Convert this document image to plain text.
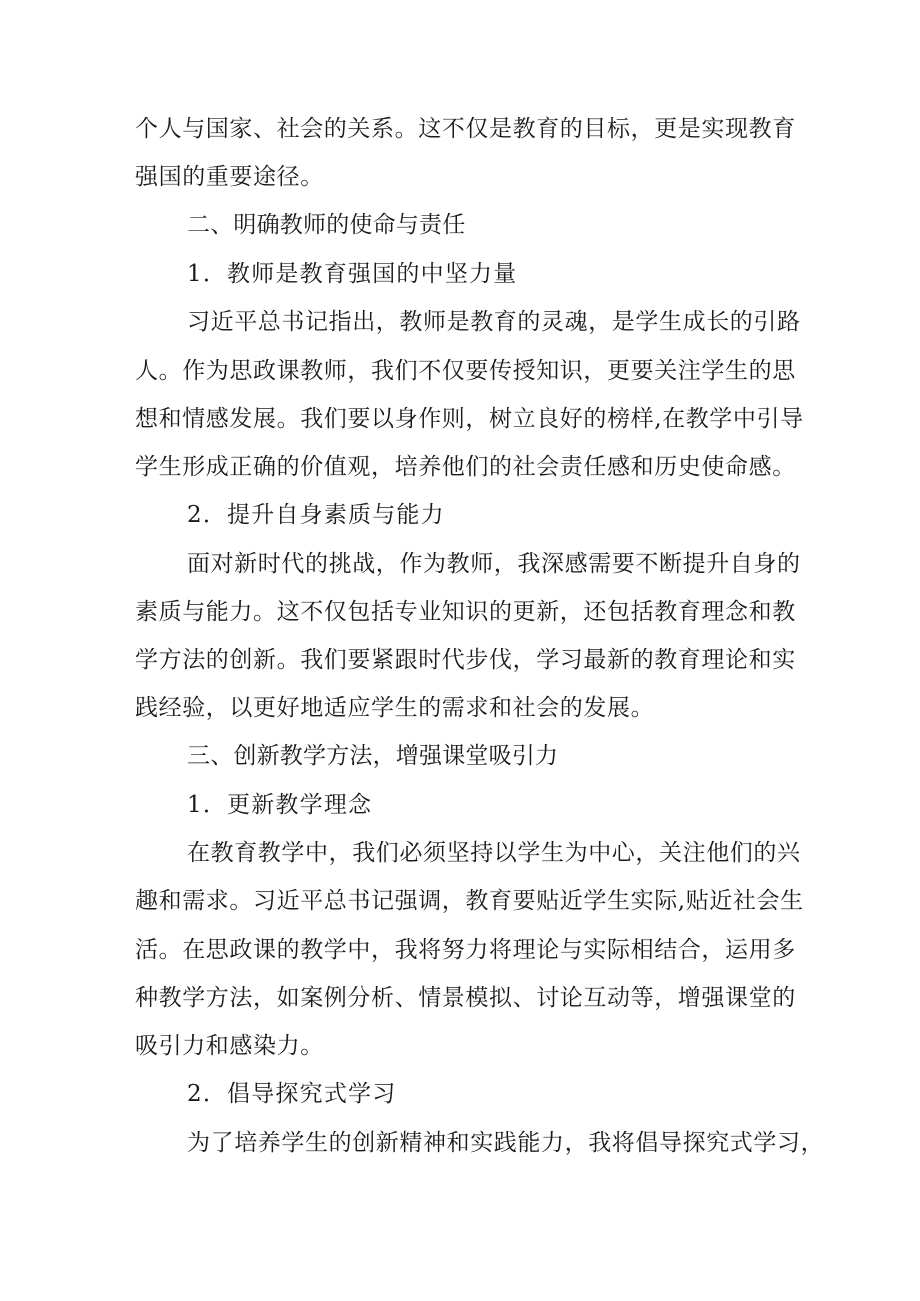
个人与国家、社会的关系。这不仅是教育的目标，更是实现教育
强国的重要途径。
二、明确教师的使命与责任
1．教师是教育强国的中坚力量
习近平总书记指出，教师是教育的灵魂，是学生成长的引路
人。作为思政课教师，我们不仅要传授知识，更要关注学生的思
想和情感发展。我们要以身作则，树立良好的榜样,在教学中引导
学生形成正确的价值观，培养他们的社会责任感和历史使命感。
2．提升自身素质与能力
面对新时代的挑战，作为教师，我深感需要不断提升自身的
素质与能力。这不仅包括专业知识的更新，还包括教育理念和教
学方法的创新。我们要紧跟时代步伐，学习最新的教育理论和实
践经验，以更好地适应学生的需求和社会的发展。
三、创新教学方法，增强课堂吸引力
1．更新教学理念
在教育教学中，我们必须坚持以学生为中心，关注他们的兴
趣和需求。习近平总书记强调，教育要贴近学生实际,贴近社会生
活。在思政课的教学中，我将努力将理论与实际相结合，运用多
种教学方法，如案例分析、情景模拟、讨论互动等，增强课堂的
吸引力和感染力。
2．倡导探究式学习
为了培养学生的创新精神和实践能力，我将倡导探究式学习，
